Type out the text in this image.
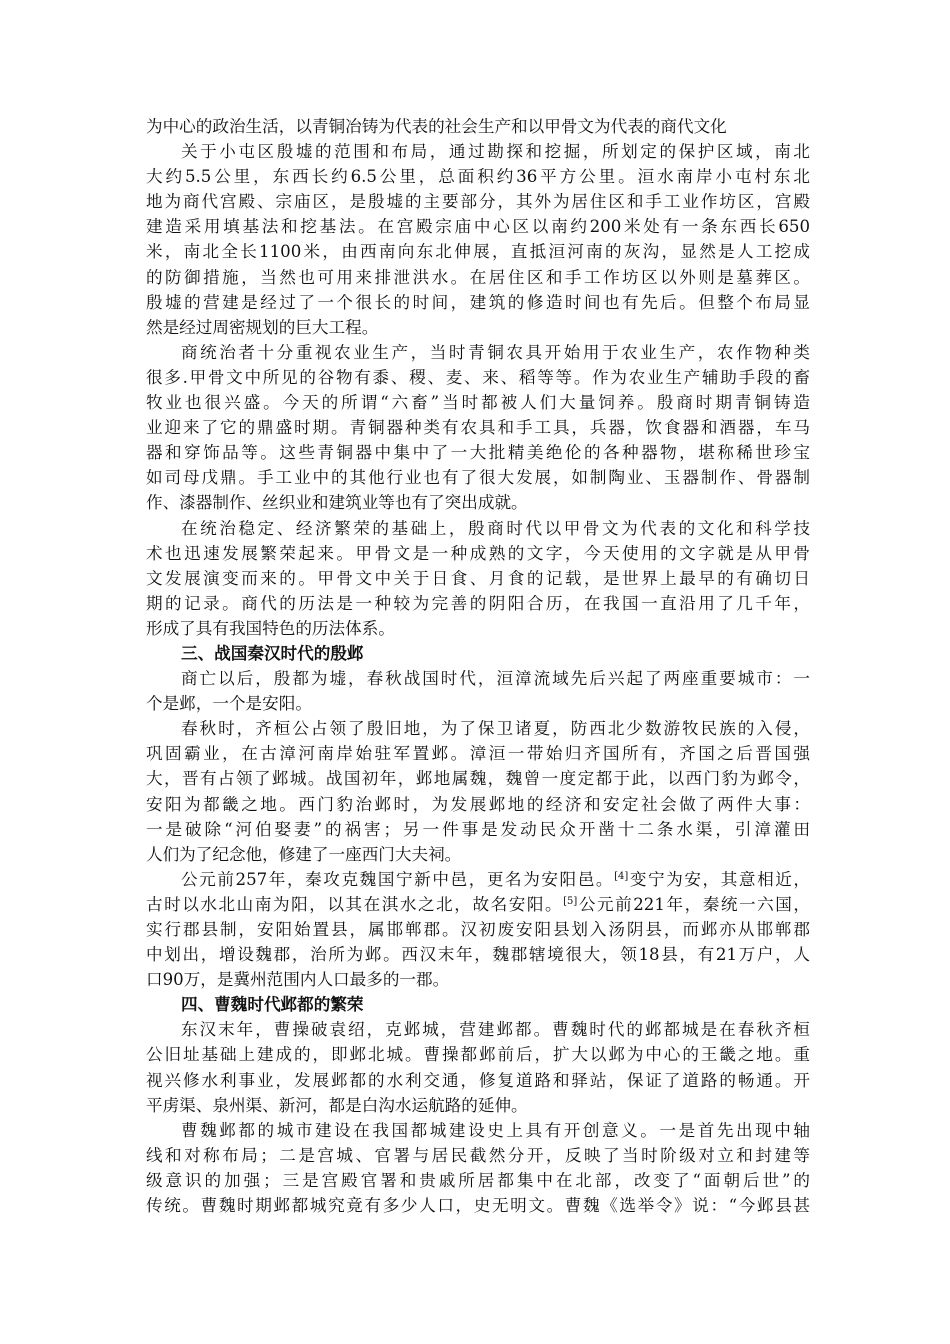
为中心的政治生活，以青铜冶铸为代表的社会生产和以甲骨文为代表的商代文化
关于小屯区殷墟的范围和布局，通过勘探和挖掘，所划定的保护区域，南北
大约5.5公里，东西长约6.5公里，总面积约36平方公里。洹水南岸小屯村东北
地为商代宫殿、宗庙区，是殷墟的主要部分，其外为居住区和手工业作坊区，宫殿
建造采用填基法和挖基法。在宫殿宗庙中心区以南约200米处有一条东西长650
米，南北全长1100米，由西南向东北伸展，直抵洹河南的灰沟，显然是人工挖成
的防御措施，当然也可用来排泄洪水。在居住区和手工作坊区以外则是墓葬区。
殷墟的营建是经过了一个很长的时间，建筑的修造时间也有先后。但整个布局显
然是经过周密规划的巨大工程。
商统治者十分重视农业生产，当时青铜农具开始用于农业生产，农作物种类
很多.甲骨文中所见的谷物有黍、稷、麦、来、稻等等。作为农业生产辅助手段的畜
牧业也很兴盛。今天的所谓“六畜”当时都被人们大量饲养。殷商时期青铜铸造
业迎来了它的鼎盛时期。青铜器种类有农具和手工具，兵器，饮食器和酒器，车马
器和穿饰品等。这些青铜器中集中了一大批精美绝伦的各种器物，堪称稀世珍宝
如司母戊鼎。手工业中的其他行业也有了很大发展，如制陶业、玉器制作、骨器制
作、漆器制作、丝织业和建筑业等也有了突出成就。
在统治稳定、经济繁荣的基础上，殷商时代以甲骨文为代表的文化和科学技
术也迅速发展繁荣起来。甲骨文是一种成熟的文字，今天使用的文字就是从甲骨
文发展演变而来的。甲骨文中关于日食、月食的记载，是世界上最早的有确切日
期的记录。商代的历法是一种较为完善的阴阳合历，在我国一直沿用了几千年，
形成了具有我国特色的历法体系。
三、战国秦汉时代的殷邺
商亡以后，殷都为墟，春秋战国时代，洹漳流域先后兴起了两座重要城市：一
个是邺，一个是安阳。
春秋时，齐桓公占领了殷旧地，为了保卫诸夏，防西北少数游牧民族的入侵，
巩固霸业，在古漳河南岸始驻军置邺。漳洹一带始归齐国所有，齐国之后晋国强
大，晋有占领了邺城。战国初年，邺地属魏，魏曾一度定都于此，以西门豹为邺令，
安阳为都畿之地。西门豹治邺时，为发展邺地的经济和安定社会做了两件大事：
一是破除“河伯娶妻”的祸害；另一件事是发动民众开凿十二条水渠，引漳灌田
人们为了纪念他，修建了一座西门大夫祠。
公元前257年，秦攻克魏国宁新中邑，更名为安阳邑。[4]变宁为安，其意相近，
古时以水北山南为阳，以其在淇水之北，故名安阳。[5]公元前221年，秦统一六国，
实行郡县制，安阳始置县，属邯郸郡。汉初废安阳县划入汤阴县，而邺亦从邯郸郡
中划出，增设魏郡，治所为邺。西汉末年，魏郡辖境很大，领18县，有21万户，人
口90万，是冀州范围内人口最多的一郡。
四、曹魏时代邺都的繁荣
东汉末年，曹操破袁绍，克邺城，营建邺都。曹魏时代的邺都城是在春秋齐桓
公旧址基础上建成的，即邺北城。曹操都邺前后，扩大以邺为中心的王畿之地。重
视兴修水利事业，发展邺都的水利交通，修复道路和驿站，保证了道路的畅通。开
平虏渠、泉州渠、新河，都是白沟水运航路的延伸。
曹魏邺都的城市建设在我国都城建设史上具有开创意义。一是首先出现中轴
线和对称布局；二是宫城、官署与居民截然分开，反映了当时阶级对立和封建等
级意识的加强；三是宫殿官署和贵戚所居都集中在北部，改变了“面朝后世”的
传统。曹魏时期邺都城究竟有多少人口，史无明文。曹魏《选举令》说：“今邺县甚
